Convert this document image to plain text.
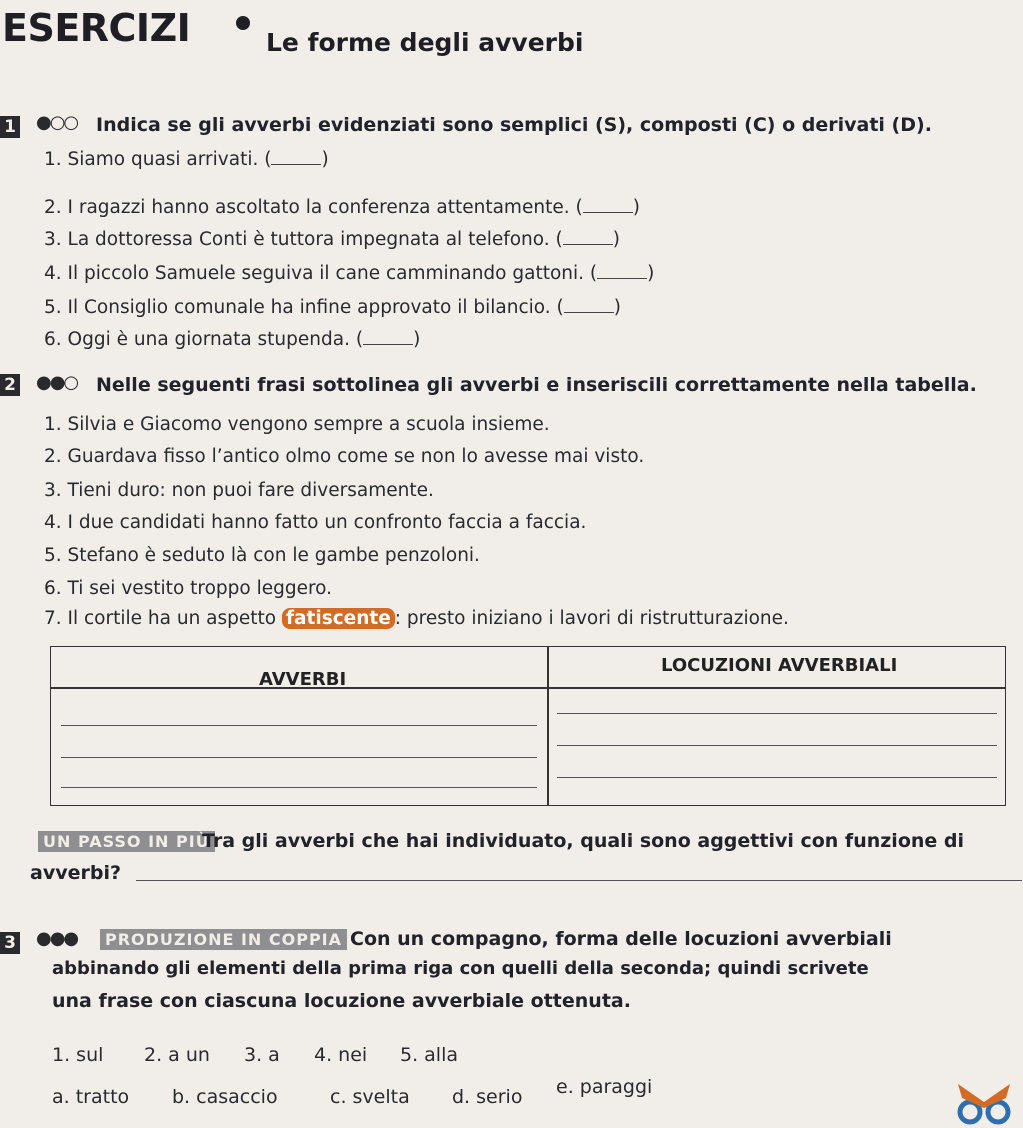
ESERCIZI	Le forme degli avverbi
1 ●○○ Indica se gli avverbi evidenziati sono semplici (S), composti (C) o derivati (D).
1. Siamo quasi arrivati. (	)
2. I ragazzi hanno ascoltato la conferenza attentamente. (	)
3. La dottoressa Conti è tuttora impegnata al telefono. (	)
4. Il piccolo Samuele seguiva il cane camminando gattoni. (	)
5. Il Consiglio comunale ha infine approvato il bilancio. (	)
6. Oggi è una giornata stupenda. (	)
2 ●●○ Nelle seguenti frasi sottolinea gli avverbi e inseriscili correttamente nella tabella.
1. Silvia e Giacomo vengono sempre a scuola insieme.
2. Guardava fisso l’antico olmo come se non lo avesse mai visto.
3. Tieni duro: non puoi fare diversamente.
4. I due candidati hanno fatto un confronto faccia a faccia.
5. Stefano è seduto là con le gambe penzoloni.
6. Ti sei vestito troppo leggero.
7. Il cortile ha un aspetto fatiscente : presto iniziano i lavori di ristrutturazione.
AVVERBI
LOCUZIONI AVVERBIALI
UN PASSO IN PIÙ
Tra gli avverbi che hai individuato, quali sono aggettivi con funzione di
avverbi?
3 ●●●	PRODUZIONE IN COPPIA Con un compagno, forma delle locuzioni avverbiali
abbinando gli elementi della prima riga con quelli della seconda; quindi scrivete
una frase con ciascuna locuzione avverbiale ottenuta.
1. sul 2. a un 3. a 4. nei 5. alla
a. tratto b. casaccio	c. svelta d. serio e. paraggi
